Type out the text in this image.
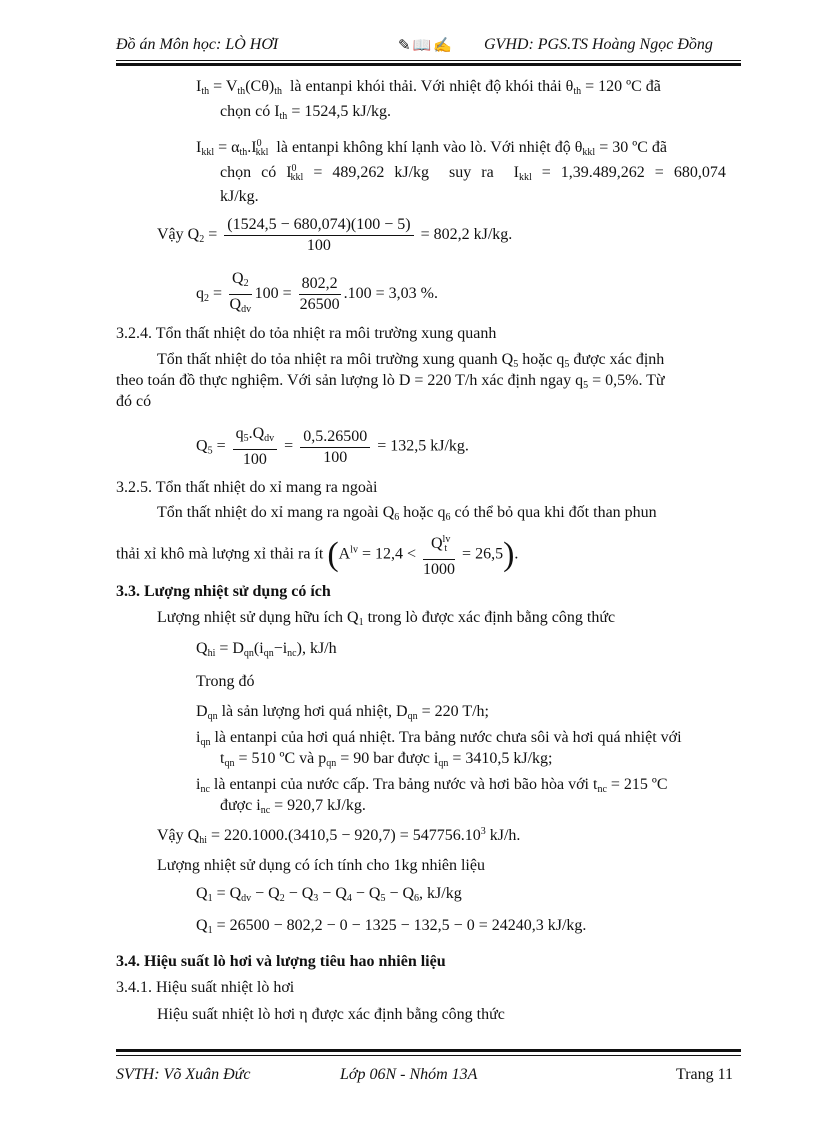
Đồ án Môn học: LÒ HƠI	✎📖✍ GVHD: PGS.TS Hoàng Ngọc Đồng
$I_{th} = V_{th}(C\theta)_{th}$ là entanpi khói thải. Với nhiệt độ khói thải $\theta_{th} = 120$ ºC đã
chọn có $I_{th} = 1524,5$ kJ/kg.
$I_{kkl} = \alpha_{th}.I^0_{kkl}$ là entanpi không khí lạnh vào lò. Với nhiệt độ $\theta_{kkl} = 30$ ºC đã
chọn có $I^0_{kkl} = 489,262$ kJ/kg suy ra  $I_{kkl} = 1,39.489,262 = 680,074$
kJ/kg.
Vậy $Q_2 = \frac{(1524,5 - 680,074)(100 - 5)}{100} = 802,2$ kJ/kg.
$q_2 = \frac{Q_2}{Q_{dv}} 100 = \frac{802,2}{26500} .100 = 3,03$ %.
3.2.4. Tổn thất nhiệt do tỏa nhiệt ra môi trường xung quanh
Tổn thất nhiệt do tỏa nhiệt ra môi trường xung quanh $Q_5$ hoặc $q_5$ được xác định
theo toán đồ thực nghiệm. Với sản lượng lò D = 220 T/h xác định ngay $q_5 = 0,5\%$. Từ
đó có
$Q_5 = \frac{q_5.Q_{dv}}{100} = \frac{0,5.26500}{100} = 132,5$ kJ/kg.
3.2.5. Tổn thất nhiệt do xỉ mang ra ngoài
Tổn thất nhiệt do xỉ mang ra ngoài $Q_6$ hoặc $q_6$ có thể bỏ qua khi đốt than phun
thải xỉ khô mà lượng xỉ thải ra ít $(A^{lv} = 12,4 < \frac{Q^{lv}_t}{1000} = 26,5)$.
3.3. Lượng nhiệt sử dụng có ích
Lượng nhiệt sử dụng hữu ích $Q_1$ trong lò được xác định bằng công thức
$Q_{hi} = D_{qn}(i_{qn}-i_{nc})$, kJ/h
Trong đó
$D_{qn}$ là sản lượng hơi quá nhiệt, $D_{qn} = 220$ T/h;
$i_{qn}$ là entanpi của hơi quá nhiệt. Tra bảng nước chưa sôi và hơi quá nhiệt với
$t_{qn} = 510$ ºC và $p_{qn} = 90$ bar được $i_{qn} = 3410,5$ kJ/kg;
$i_{nc}$ là entanpi của nước cấp. Tra bảng nước và hơi bão hòa với $t_{nc} = 215$ ºC
được $i_{nc} = 920,7$ kJ/kg.
Vậy $Q_{hi} = 220.1000.(3410,5 - 920,7) = 547756.10^3$ kJ/h.
Lượng nhiệt sử dụng có ích tính cho 1kg nhiên liệu
$Q_1 = Q_{dv} - Q_2 - Q_3 - Q_4 - Q_5 - Q_6$, kJ/kg
$Q_1 = 26500 - 802,2 - 0 - 1325 - 132,5 - 0 = 24240,3$ kJ/kg.
3.4. Hiệu suất lò hơi và lượng tiêu hao nhiên liệu
3.4.1. Hiệu suất nhiệt lò hơi
Hiệu suất nhiệt lò hơi η được xác định bằng công thức
SVTH: Võ Xuân Đức	Lớp 06N - Nhóm 13A	Trang 11
